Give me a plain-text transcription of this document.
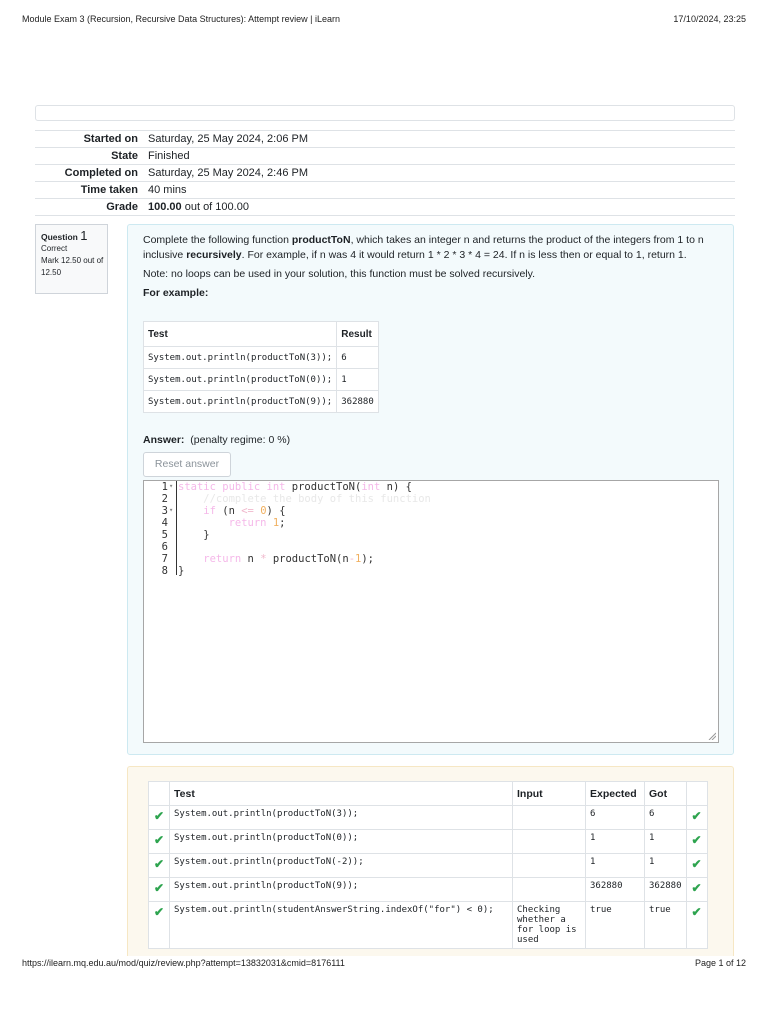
Module Exam 3 (Recursion, Recursive Data Structures): Attempt review | iLearn	17/10/2024, 23:25
Started on Saturday, 25 May 2024, 2:06 PM
State Finished
Completed on Saturday, 25 May 2024, 2:46 PM
Time taken 40 mins
Grade 100.00 out of 100.00
Question 1
Correct
Mark 12.50 out of 12.50

Complete the following function productToN, which takes an integer n and returns the product of the integers from 1 to n inclusive recursively. For example, if n was 4 it would return 1 * 2 * 3 * 4 = 24. If n is less then or equal to 1, return 1.

Note: no loops can be used in your solution, this function must be solved recursively.

For example:

Test	Result
System.out.println(productToN(3));	6
System.out.println(productToN(0));	1
System.out.println(productToN(9));	362880
Answer: (penalty regime: 0 %)
Reset answer
1
2
3
4
5
6
7
8
▾
▾
static public int productToN(int n) {
//complete the body of this function
if (n <= 0) {
return 1;
}
return n * productToN(n-1);
}
	Test	Input	Expected	Got	
✔	System.out.println(productToN(3));		6	6	✔
✔	System.out.println(productToN(0));		1	1	✔
✔	System.out.println(productToN(-2));		1	1	✔
✔	System.out.println(productToN(9));		362880	362880	✔
✔	System.out.println(studentAnswerString.indexOf("for") < 0);	Checking whether a for loop is used	true	true	✔
https://ilearn.mq.edu.au/mod/quiz/review.php?attempt=13832031&cmid=8176111	Page 1 of 12
